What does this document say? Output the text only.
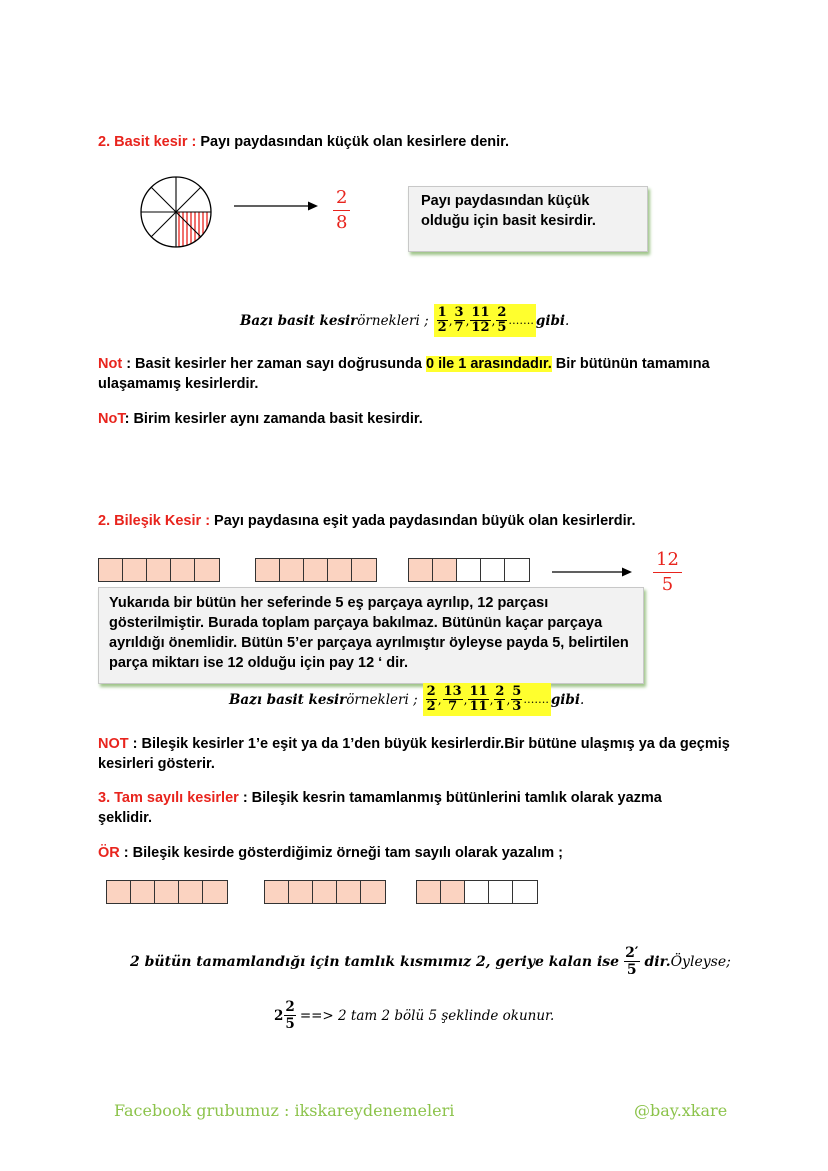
2. Basit kesir : Payı paydasından küçük olan kesirlere denir.
$\frac{2}{8}$	Payı paydasından küçük olduğu için basit kesirdir.
Bazı basit kesir örnekleri ; $\frac{1}{2}$ , $\frac{3}{7}$ , $\frac{11}{12}$ , $\frac{2}{5}$ ……. gibi .
Not : Basit kesirler her zaman sayı doğrusunda 0 ile 1 arasındadır. Bir bütünün tamamına ulaşamamış kesirlerdir.
NoT: Birim kesirler aynı zamanda basit kesirdir.
2. Bileşik Kesir : Payı paydasına eşit yada paydasından büyük olan kesirlerdir.
$\frac{12}{5}$
Yukarıda bir bütün her seferinde 5 eş parçaya ayrılıp, 12 parçası gösterilmiştir. Burada toplam parçaya bakılmaz. Bütünün kaçar parçaya ayrıldığı önemlidir. Bütün 5’er parçaya ayrılmıştır öyleyse payda 5, belirtilen parça miktarı ise 12 olduğu için pay 12 ‘ dir.
Bazı basit kesir örnekleri ; $\frac{2}{2}$ , $\frac{13}{7}$ , $\frac{11}{11}$ , $\frac{2}{1}$ , $\frac{5}{3}$ ……. gibi .
NOT : Bileşik kesirler 1’e eşit ya da 1’den büyük kesirlerdir.Bir bütüne ulaşmış ya da geçmiş kesirleri gösterir.
3. Tam sayılı kesirler : Bileşik kesrin tamamlanmış bütünlerini tamlık olarak yazma şeklidir.
ÖR : Bileşik kesirde gösterdiğimiz örneği tam sayılı olarak yazalım ;
2 bütün tamamlandığı için tamlık kısmımız 2, geriye kalan ise $\frac{2'}{5}$ dir. Öyleyse;
$2 \frac{2}{5}$ ==> 2 tam 2 bölü 5 şeklinde okunur.
Facebook grubumuz : ikskareydenemeleri	@bay.xkare
